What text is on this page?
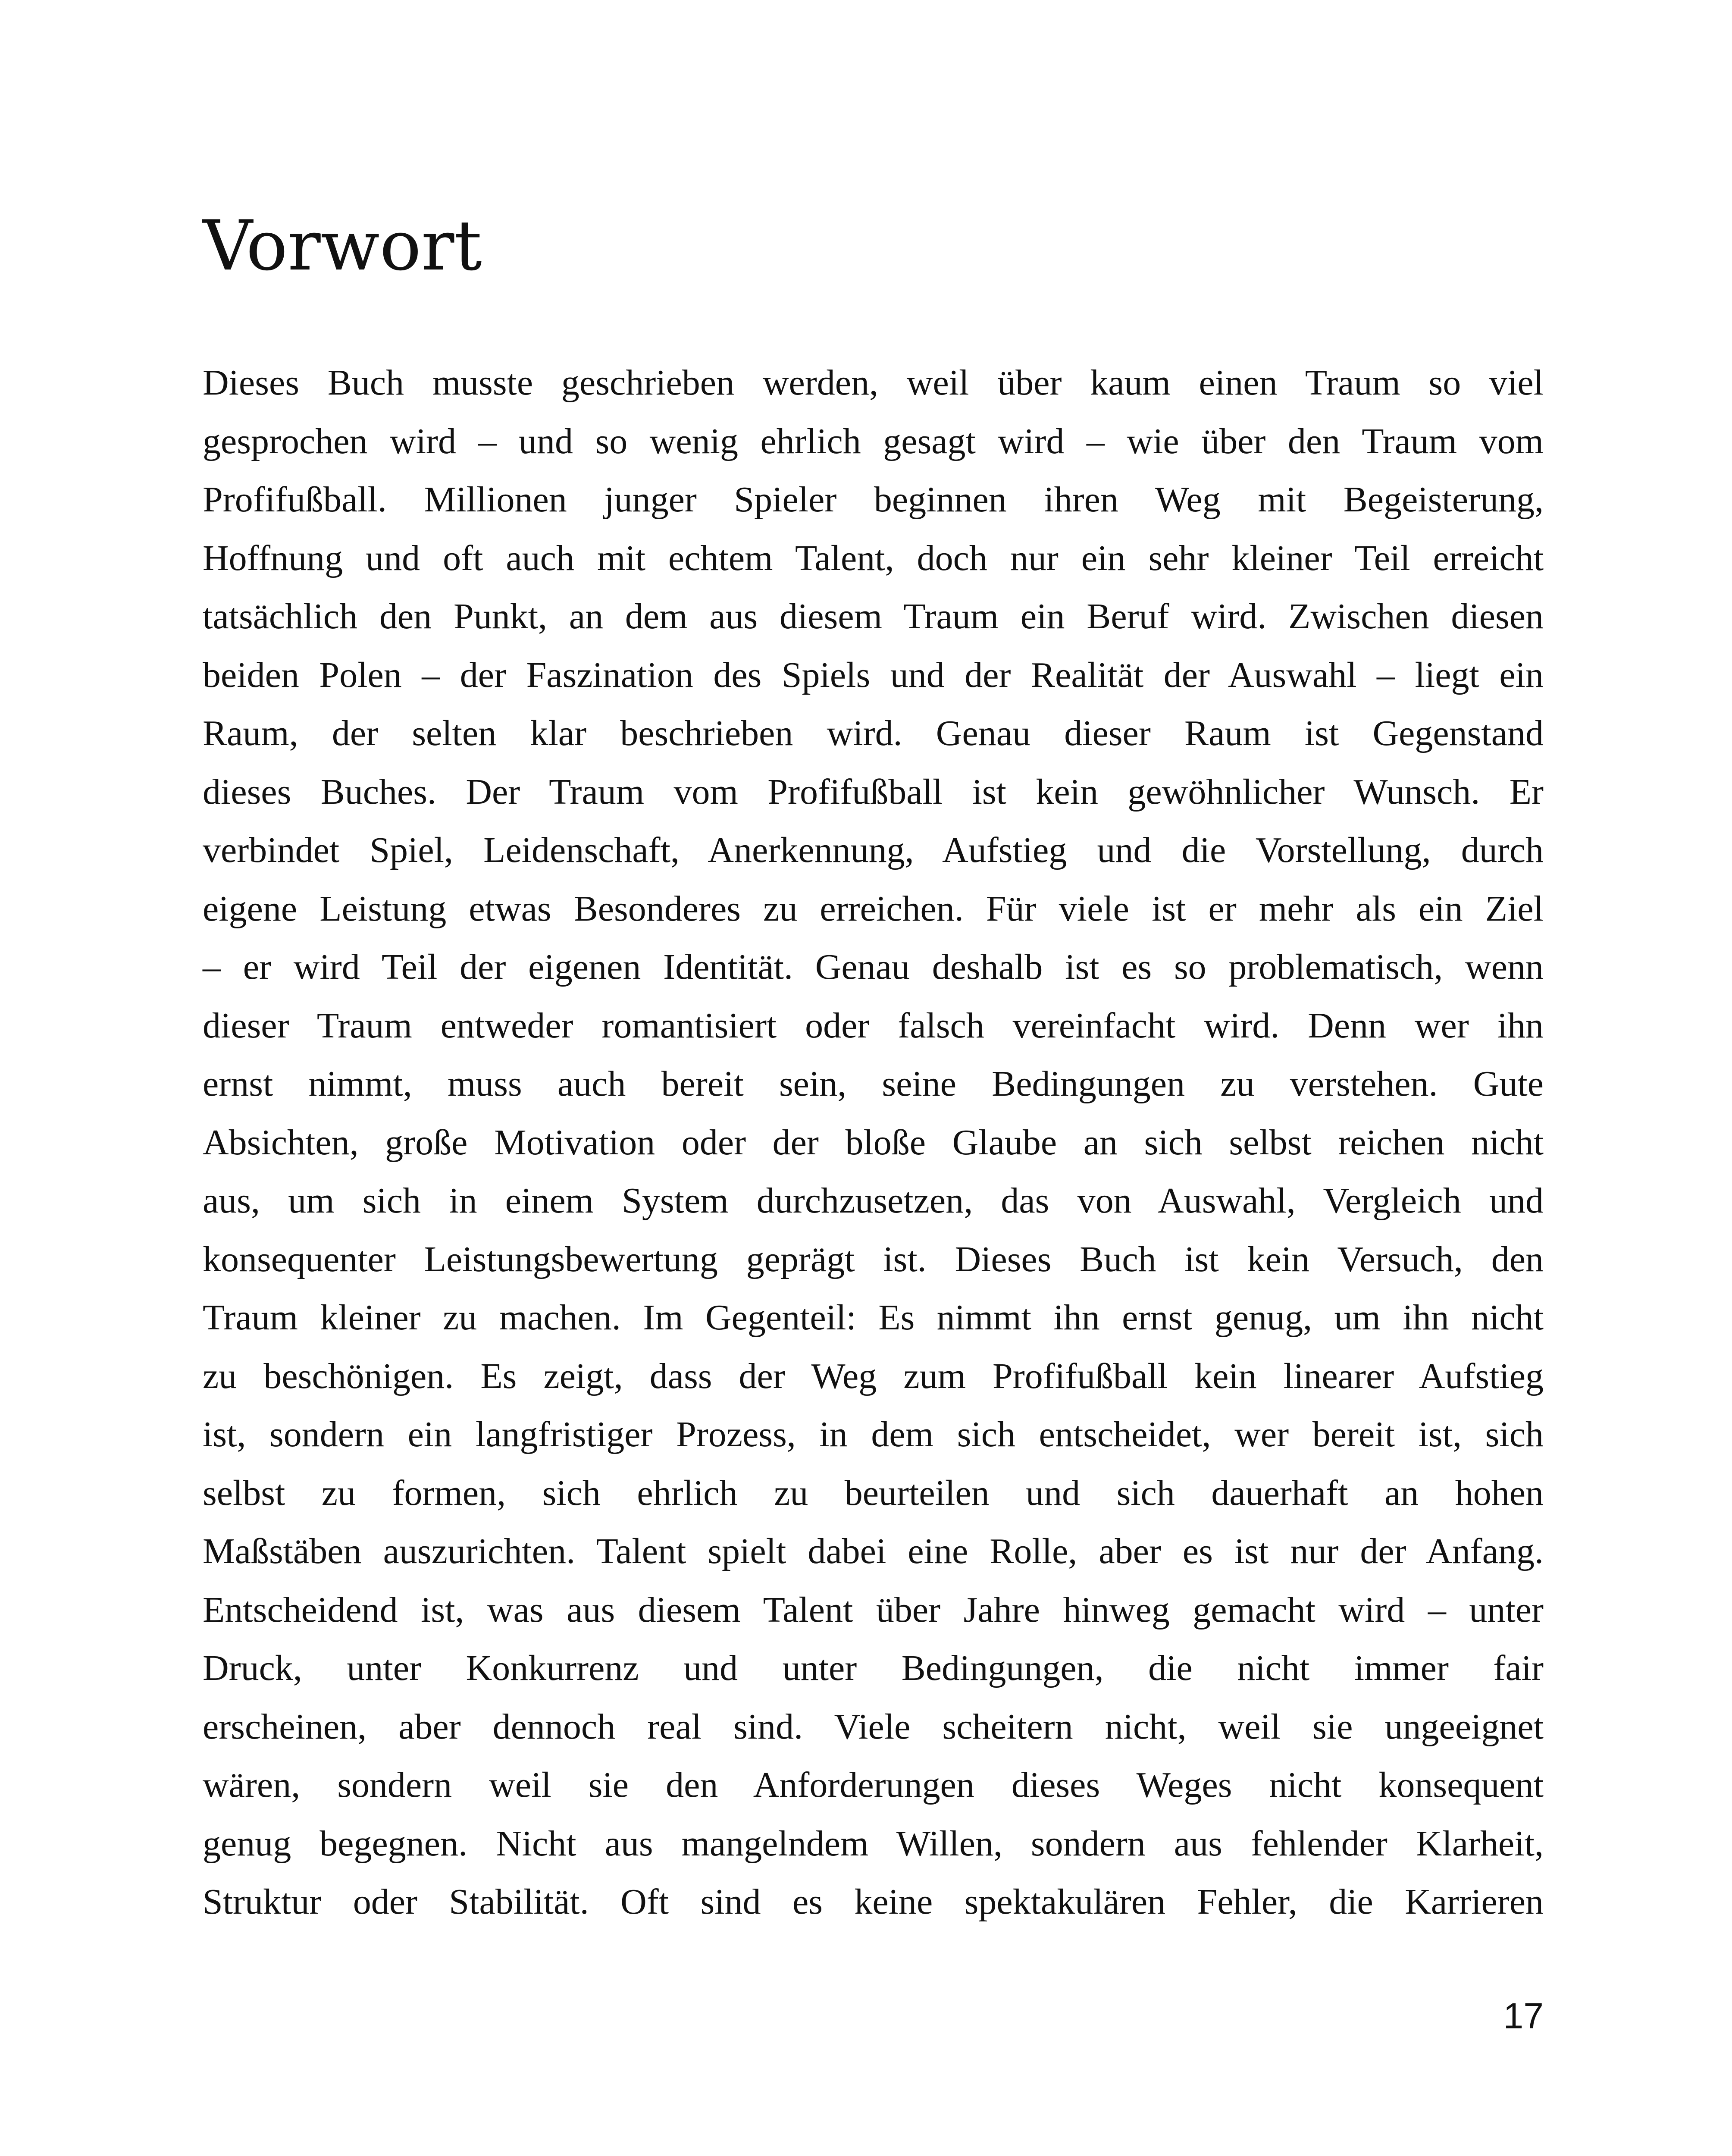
Vorwort
Dieses Buch musste geschrieben werden, weil über kaum einen Traum so viel
gesprochen wird – und so wenig ehrlich gesagt wird – wie über den Traum vom
Profifußball. Millionen junger Spieler beginnen ihren Weg mit Begeisterung,
Hoffnung und oft auch mit echtem Talent, doch nur ein sehr kleiner Teil erreicht
tatsächlich den Punkt, an dem aus diesem Traum ein Beruf wird. Zwischen diesen
beiden Polen – der Faszination des Spiels und der Realität der Auswahl – liegt ein
Raum, der selten klar beschrieben wird. Genau dieser Raum ist Gegenstand
dieses Buches. Der Traum vom Profifußball ist kein gewöhnlicher Wunsch. Er
verbindet Spiel, Leidenschaft, Anerkennung, Aufstieg und die Vorstellung, durch
eigene Leistung etwas Besonderes zu erreichen. Für viele ist er mehr als ein Ziel
– er wird Teil der eigenen Identität. Genau deshalb ist es so problematisch, wenn
dieser Traum entweder romantisiert oder falsch vereinfacht wird. Denn wer ihn
ernst nimmt, muss auch bereit sein, seine Bedingungen zu verstehen. Gute
Absichten, große Motivation oder der bloße Glaube an sich selbst reichen nicht
aus, um sich in einem System durchzusetzen, das von Auswahl, Vergleich und
konsequenter Leistungsbewertung geprägt ist. Dieses Buch ist kein Versuch, den
Traum kleiner zu machen. Im Gegenteil: Es nimmt ihn ernst genug, um ihn nicht
zu beschönigen. Es zeigt, dass der Weg zum Profifußball kein linearer Aufstieg
ist, sondern ein langfristiger Prozess, in dem sich entscheidet, wer bereit ist, sich
selbst zu formen, sich ehrlich zu beurteilen und sich dauerhaft an hohen
Maßstäben auszurichten. Talent spielt dabei eine Rolle, aber es ist nur der Anfang.
Entscheidend ist, was aus diesem Talent über Jahre hinweg gemacht wird – unter
Druck, unter Konkurrenz und unter Bedingungen, die nicht immer fair
erscheinen, aber dennoch real sind. Viele scheitern nicht, weil sie ungeeignet
wären, sondern weil sie den Anforderungen dieses Weges nicht konsequent
genug begegnen. Nicht aus mangelndem Willen, sondern aus fehlender Klarheit,
Struktur oder Stabilität. Oft sind es keine spektakulären Fehler, die Karrieren
17
